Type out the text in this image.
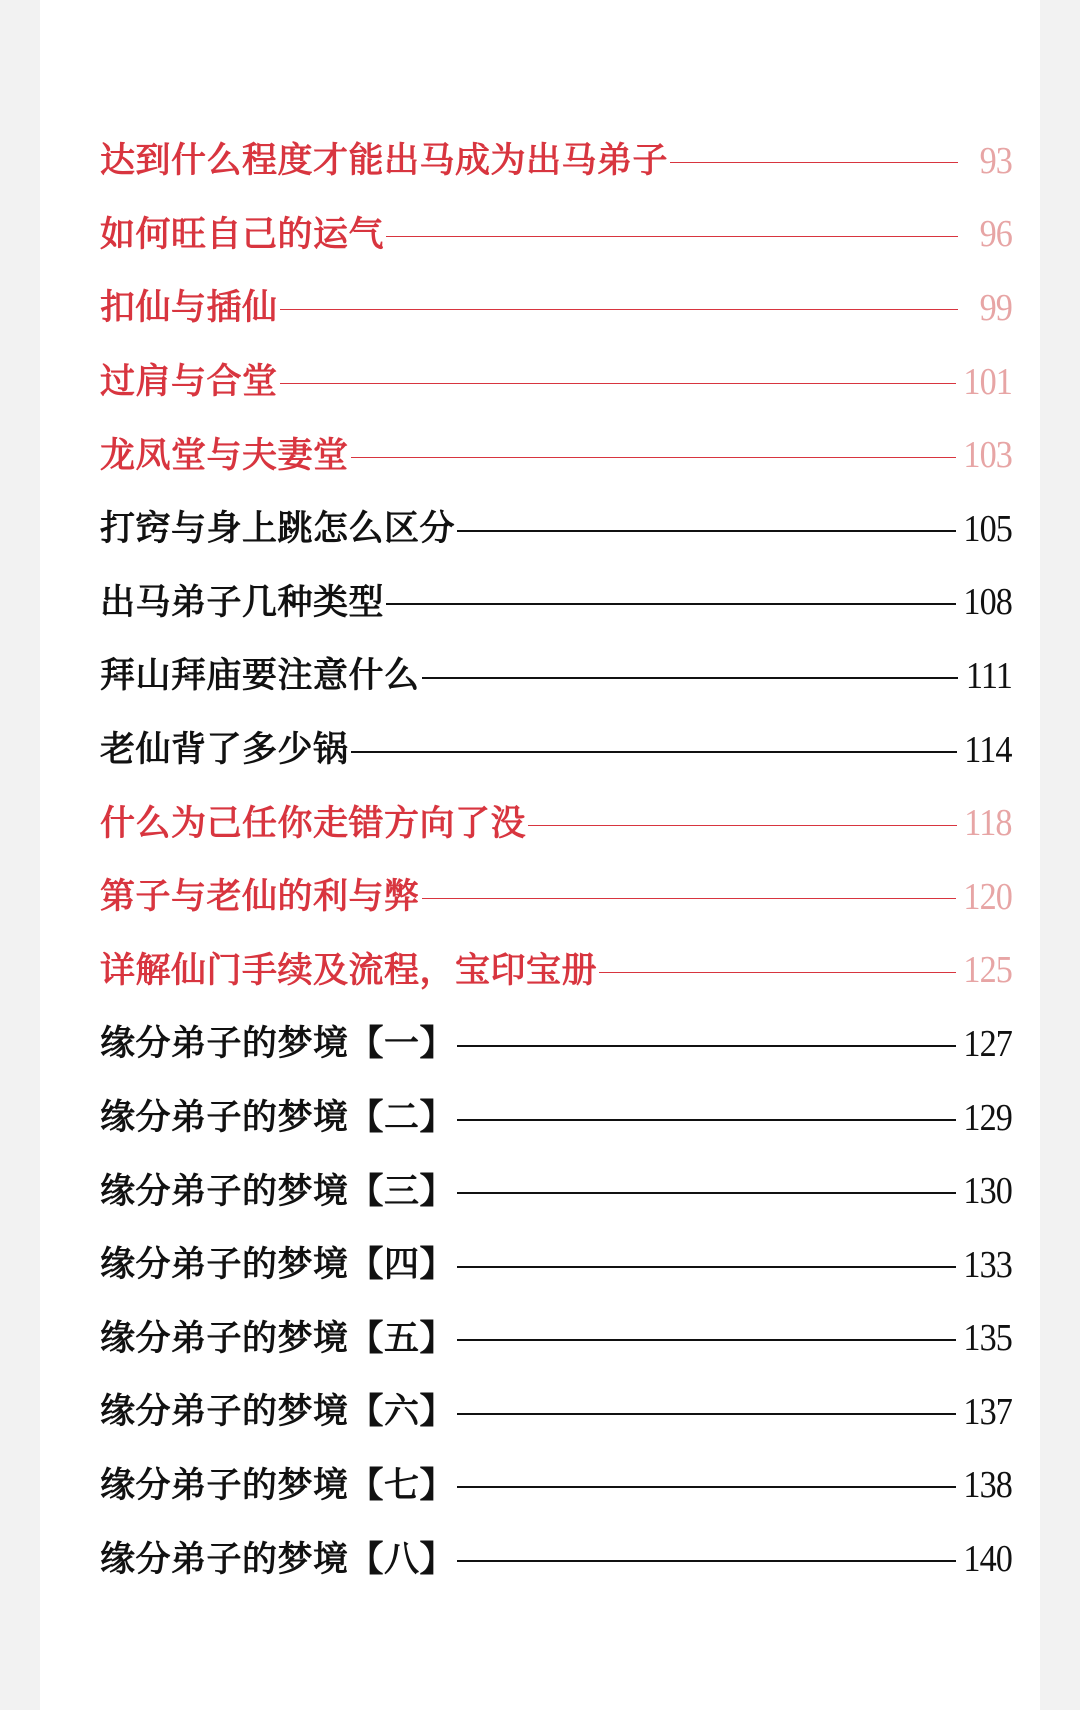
达到什么程度才能出马成为出马弟子	93
如何旺自己的运气	96
扣仙与插仙	99
过肩与合堂	101
龙凤堂与夫妻堂	103
打窍与身上跳怎么区分	105
出马弟子几种类型	108
拜山拜庙要注意什么	111
老仙背了多少锅	114
什么为己任你走错方向了没	118
第子与老仙的利与弊	120
详解仙门手续及流程，宝印宝册	125
缘分弟子的梦境【一】	127
缘分弟子的梦境【二】	129
缘分弟子的梦境【三】	130
缘分弟子的梦境【四】	133
缘分弟子的梦境【五】	135
缘分弟子的梦境【六】	137
缘分弟子的梦境【七】	138
缘分弟子的梦境【八】	140
